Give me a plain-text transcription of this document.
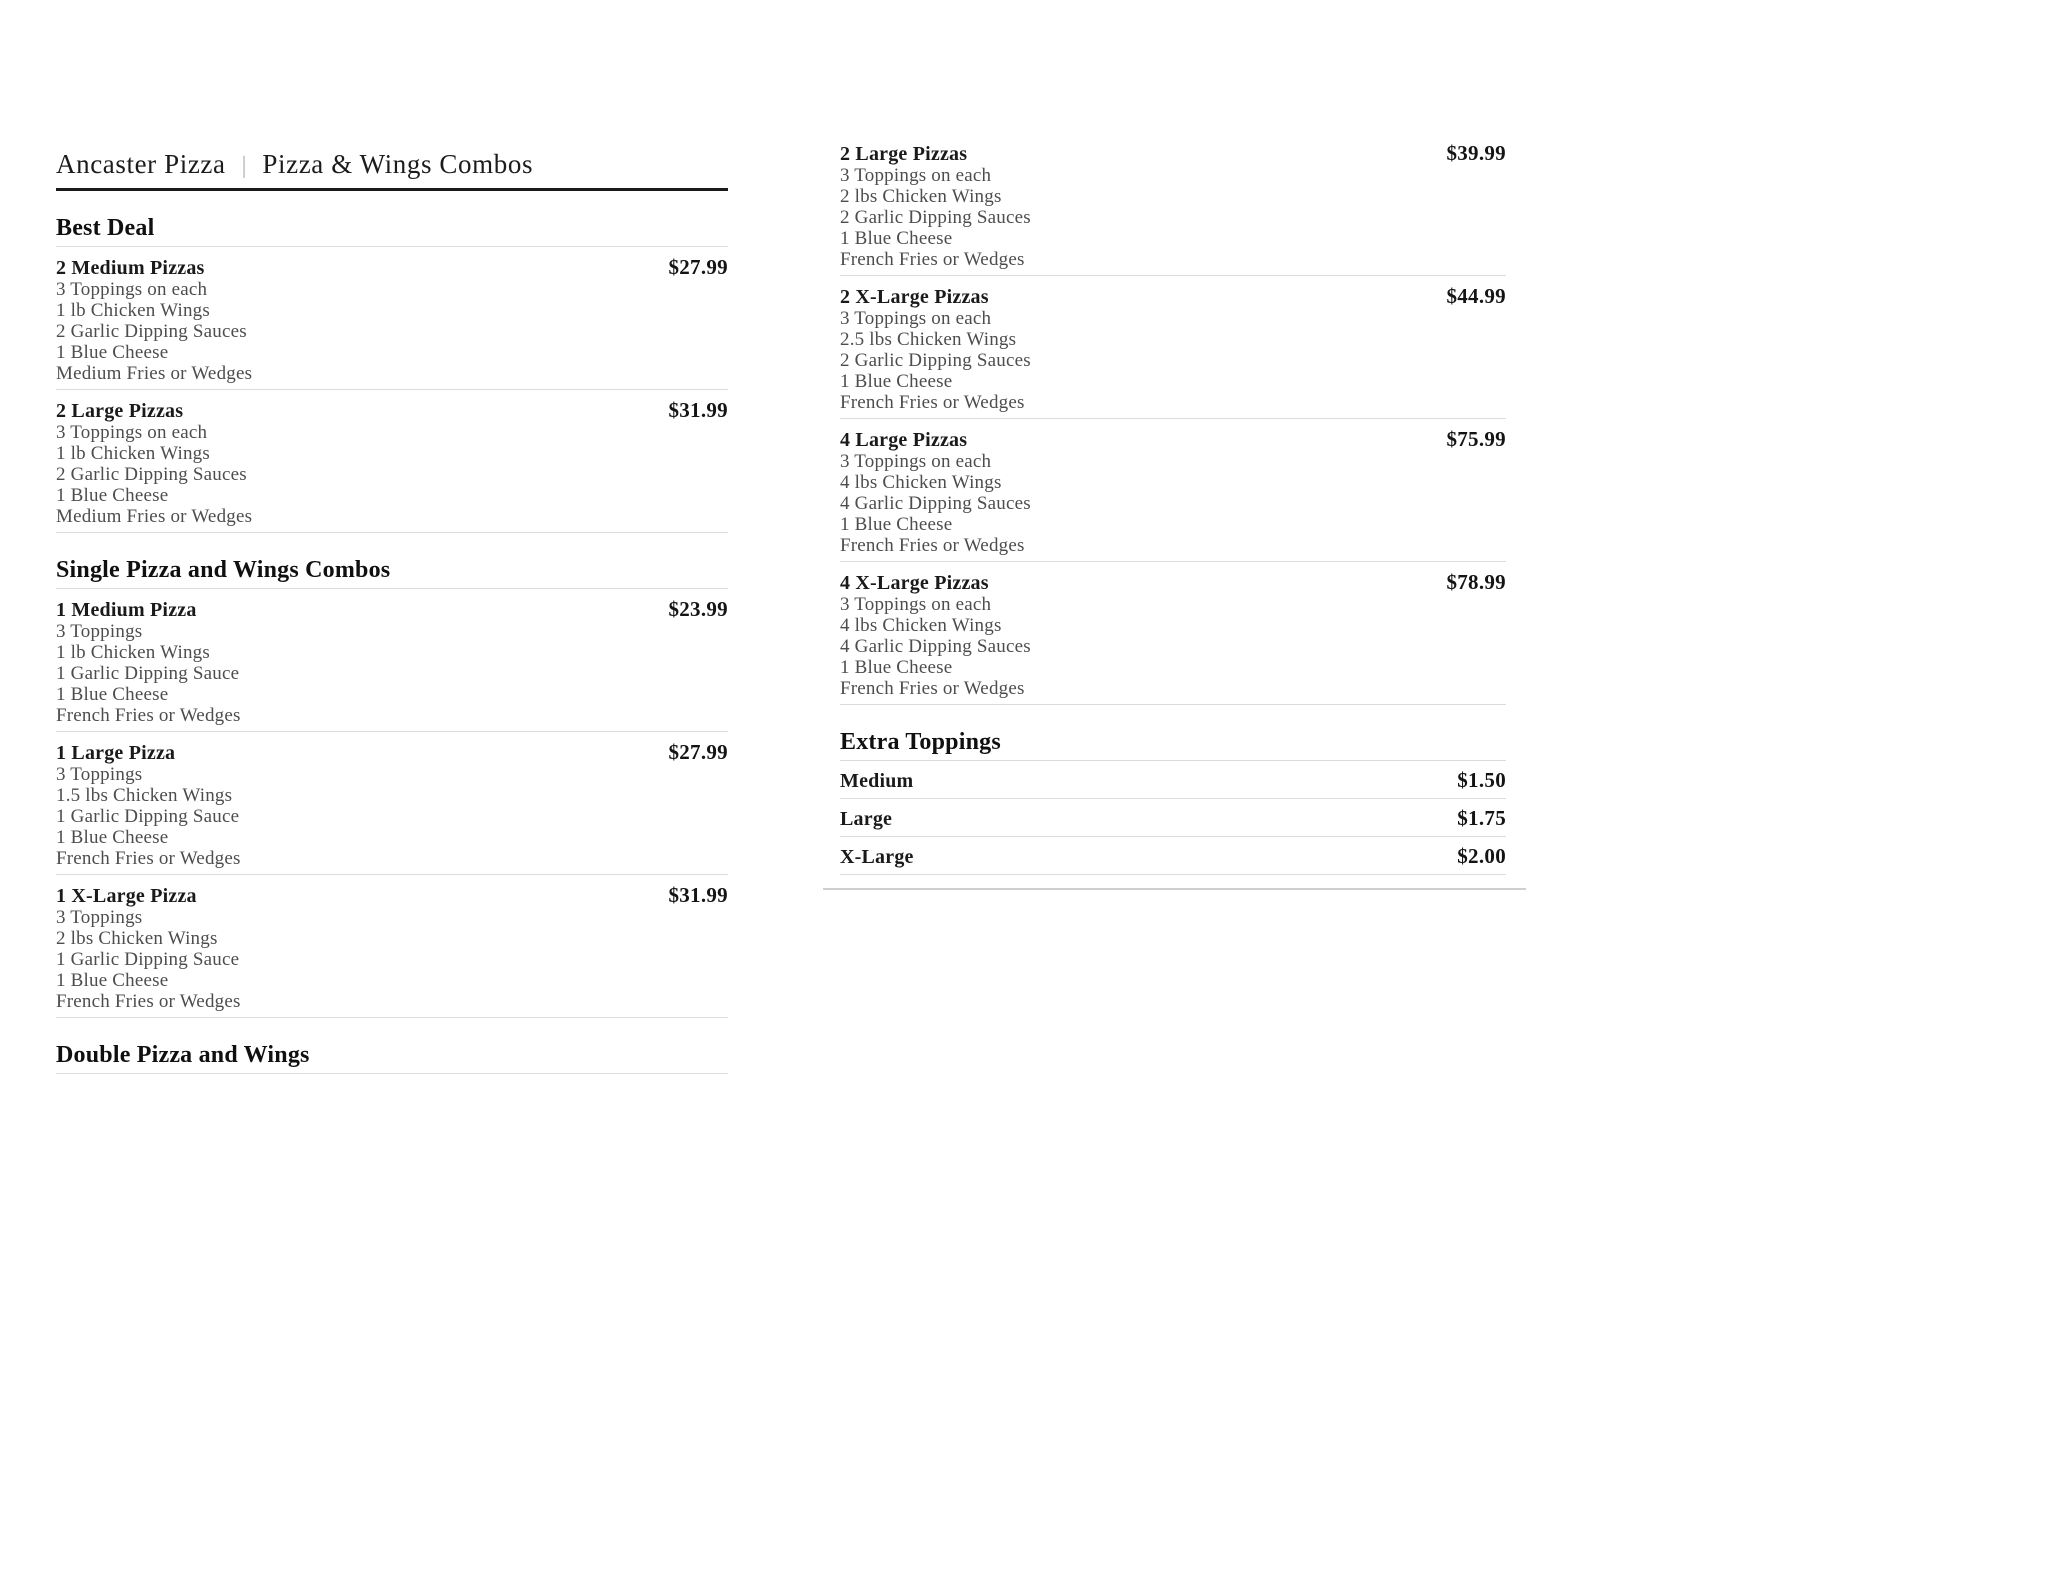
Ancaster Pizza | Pizza & Wings Combos
Best Deal
2 Medium Pizzas	$27.99
3 Toppings on each
1 lb Chicken Wings
2 Garlic Dipping Sauces
1 Blue Cheese
Medium Fries or Wedges
2 Large Pizzas	$31.99
3 Toppings on each
1 lb Chicken Wings
2 Garlic Dipping Sauces
1 Blue Cheese
Medium Fries or Wedges
Single Pizza and Wings Combos
1 Medium Pizza	$23.99
3 Toppings
1 lb Chicken Wings
1 Garlic Dipping Sauce
1 Blue Cheese
French Fries or Wedges
1 Large Pizza	$27.99
3 Toppings
1.5 lbs Chicken Wings
1 Garlic Dipping Sauce
1 Blue Cheese
French Fries or Wedges
1 X-Large Pizza	$31.99
3 Toppings
2 lbs Chicken Wings
1 Garlic Dipping Sauce
1 Blue Cheese
French Fries or Wedges
Double Pizza and Wings
2 Large Pizzas	$39.99
3 Toppings on each
2 lbs Chicken Wings
2 Garlic Dipping Sauces
1 Blue Cheese
French Fries or Wedges
2 X-Large Pizzas	$44.99
3 Toppings on each
2.5 lbs Chicken Wings
2 Garlic Dipping Sauces
1 Blue Cheese
French Fries or Wedges
4 Large Pizzas	$75.99
3 Toppings on each
4 lbs Chicken Wings
4 Garlic Dipping Sauces
1 Blue Cheese
French Fries or Wedges
4 X-Large Pizzas	$78.99
3 Toppings on each
4 lbs Chicken Wings
4 Garlic Dipping Sauces
1 Blue Cheese
French Fries or Wedges
Extra Toppings
Medium	$1.50
Large	$1.75
X-Large	$2.00
